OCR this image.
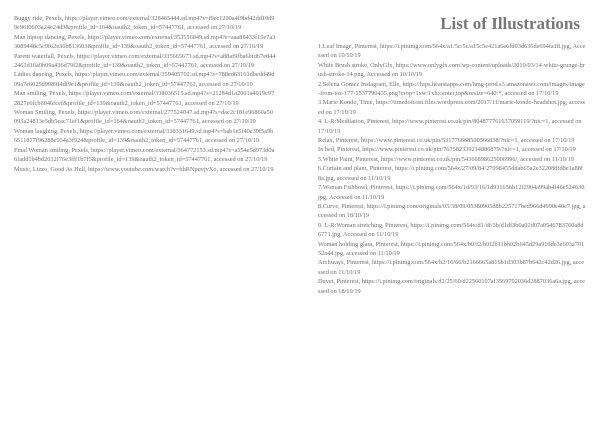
Buggy ride, Pexels, https://player.vimeo.com/external/328465444.sd.mp4?s=f9ec1200a4f9bd42dd10d99c96f0603a24e24d3&profile_id=164&oauth2_token_id=57447761, accessed on 27/10/19

Man hiptop dancing, Pexels, https://player.vimeo.com/external/353556849.sd.mp4?s=aaa88433f15e7a33089448c5c9f62e36b813603&profile_id=139&oauth2_token_id=57447761, accessed on 27/10/19

Parent waterfall, Pexels, https://player.vimeo.com/external/335665673.sd.mp4?s=a88af9fba6bfd67e8442461d16a0b09a436d79f2&profile_id=139&oauth2_token_id=57447761, accessed on 27/10/19

Ladies dancing, Pexels, https://player.vimeo.com/external/359405702.sd.mp4?s=788ed63161dbedd49d09a7e6025d9089f4df9e1&profile_id=139&oauth2_token_id=57447761, accessed on 27/10/19

Man smiling, Pexels, https://player.vimeo.com/external/338036515.sd.mp4?s=21284d1a2001a4019c972827e6fcb6046fcef&profile_id=139&oauth2_token_id=57447761, accessed on 27/10/19

Woman Smiling, Pexels, https://player.vimeo.com/external/277524047.sd.mp4?s=dac2c181e96860a50093a24813e5db5cac71ef1&profile_id=164&oauth2_token_id=57447761, accessed on 27/10/19

Woman laughing, Pexels, https://player.vimeo.com/external/338331649.sd.mp4?s=bab1e5f40e39f5a9b6511877f96288e934a3f924&profile_id=139&oauth2_token_id=57447761, accessed on 27/10/19

Final Woman smiling, Pexels, https://player.vimeo.com/external/364772153.sd.mp4?s=a554e5d973d0a6fadd1b4bd2032f76e3fff1b7f5&profile_id=139&oauth2_token_id=57447761, accessed on 27/10/19

Music, Lizzo, Good As Hell, https://www.youtube.com/watch?v=bhRNpuvjvXo, accessed on 27/10/19

List of Illustrations

1.Leaf Image, Pinterest, https://i.pinimg.com/564x/a1/5c/5c/a15c5e421a6e6fd03d636de694fa18.jpg, Accessed on 10/10/19

White Brush stroke, OnlyGfx, https://www.onlygfx.com/wp-content/uploads/2019/03/14-white-grunge-brush-stroke-14.png, Accessed on 10/10/19

2.Selena Gomez Instagram, Elle, https://hips.hearstapps.com/hmg-prod.s3.amazonaws.com/images/image-from-ios-177-1537790435.png?crop=1xw:1xh;center,top&resize=640:*, accessed on 17/10/19

3.Marie Kondo, Time, https://timedotcom.files.wordpress.com/2017/11/marie-kondo-headshot.jpg, accessed on 17/10/19

4. L-R:Meditation, Pinterest, https://www.pinterest.co.uk/pin/804877761637059119/?nic=1, accessed on 17/10/19

Relax, Pinterest, https://www.pinterest.co.uk/pin/531776668500566838/?nic=1, accessed on 17/10/19

In bed, Pinterest, https://www.pinterest.co.uk/pin/767582339214886879/?nic=1, accessed on 17/10/19

5.White Paint, Pinterest, https://www.pinterest.co.uk/pin/54366898625006996/, accessed on 11/10/19

6.Curtain and plant, Pinterest, https://i.pinimg.com/564x/27/09/84/27098455ddab65a2e322088fd8e1a88f8a.jpg, accessed on 11/10/19

7.Woman Fishbowl, Pinterest, https://i.pinimg.com/564x/1d/93/16/1d931656b12f2904a99ab4f46e524630.jpg, Accessed on 11/10/19

8.Curve, Pinterest, https://i.pinimg.com/originals/05/38/09/05380905d8b225717bed966d4990e40e7.jpg, accessed on 18/10/19

9. L-R:Woman stretching, Pinterest, https://i.pinimg.com/564x/d1/df/3b/d1df3b0a02d07a0546783760a8d6771.jpg, Accessed on 11/10/19

Woman holding glass, Pinterest, https://i.pinimg.com/564x/b0/f2/b0f2b11bb02b645d29a916de3e603a70152a44.jpg, accessed on 11/10/19

Archways, Pinterest, https://i.pinimg.com/564x/b2/16/66/b2166665a816b1d303b87b642c42d26.jpg, accessed on 11/10/19

Duvet, Pinterest, https://i.pinimg.com/originals/d2/25/60/d22560107af3569702036d2887036a6a.jpg, accessed on 18/10/19
